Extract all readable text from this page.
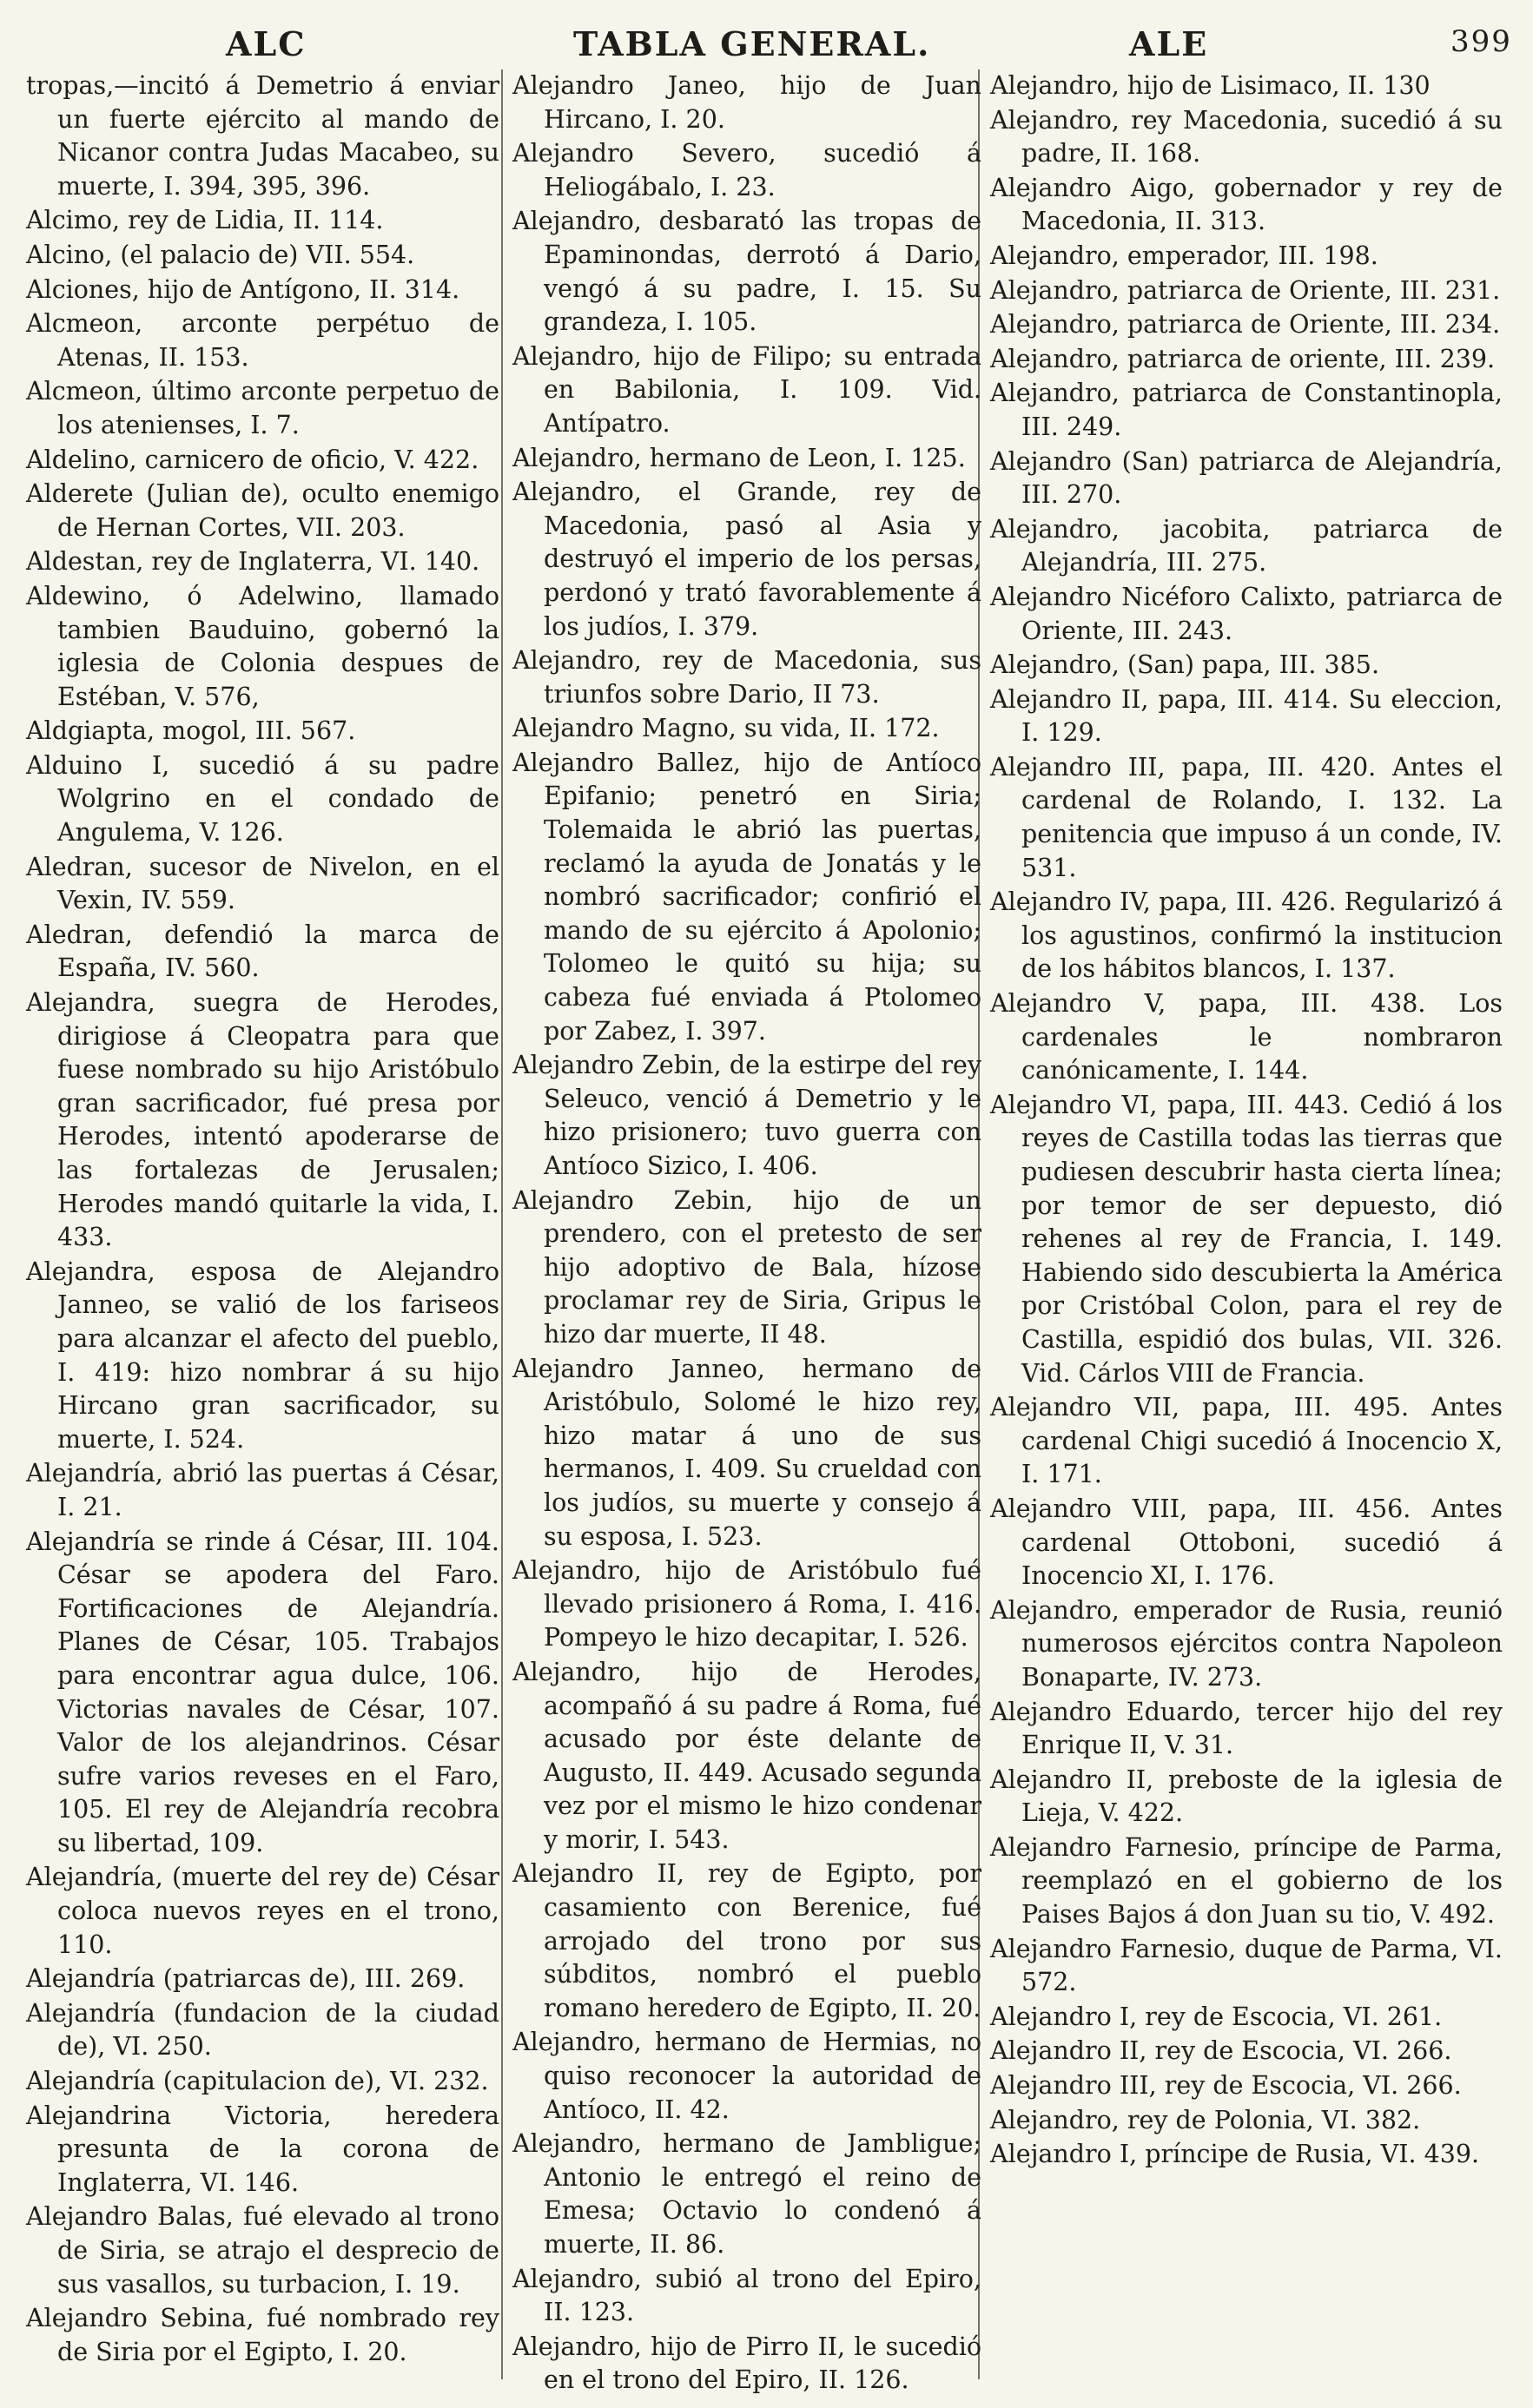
ALC	TABLA GENERAL.	ALE	399
tropas,—incitó á Demetrio á enviar un fuerte ejército al mando de Nicanor contra Judas Macabeo, su muerte, I. 394, 395, 396.
Alcimo, rey de Lidia, II. 114.
Alcino, (el palacio de) VII. 554.
Alciones, hijo de Antígono, II. 314.
Alcmeon, arconte perpétuo de Atenas, II. 153.
Alcmeon, último arconte perpetuo de los atenienses, I. 7.
Aldelino, carnicero de oficio, V. 422.
Alderete (Julian de), oculto enemigo de Hernan Cortes, VII. 203.
Aldestan, rey de Inglaterra, VI. 140.
Aldewino, ó Adelwino, llamado tambien Bauduino, gobernó la iglesia de Colonia despues de Estéban, V. 576,
Aldgiapta, mogol, III. 567.
Alduino I, sucedió á su padre Wolgrino en el condado de Angulema, V. 126.
Aledran, sucesor de Nivelon, en el Vexin, IV. 559.
Aledran, defendió la marca de España, IV. 560.
Alejandra, suegra de Herodes, dirigiose á Cleopatra para que fuese nombrado su hijo Aristóbulo gran sacrificador, fué presa por Herodes, intentó apoderarse de las fortalezas de Jerusalen; Herodes mandó quitarle la vida, I. 433.
Alejandra, esposa de Alejandro Janneo, se valió de los fariseos para alcanzar el afecto del pueblo, I. 419: hizo nombrar á su hijo Hircano gran sacrificador, su muerte, I. 524.
Alejandría, abrió las puertas á César, I. 21.
Alejandría se rinde á César, III. 104. César se apodera del Faro. Fortificaciones de Alejandría. Planes de César, 105. Trabajos para encontrar agua dulce, 106. Victorias navales de César, 107. Valor de los alejandrinos. César sufre varios reveses en el Faro, 105. El rey de Alejandría recobra su libertad, 109.
Alejandría, (muerte del rey de) César coloca nuevos reyes en el trono, 110.
Alejandría (patriarcas de), III. 269.
Alejandría (fundacion de la ciudad de), VI. 250.
Alejandría (capitulacion de), VI. 232.
Alejandrina Victoria, heredera presunta de la corona de Inglaterra, VI. 146.
Alejandro Balas, fué elevado al trono de Siria, se atrajo el desprecio de sus vasallos, su turbacion, I. 19.
Alejandro Sebina, fué nombrado rey de Siria por el Egipto, I. 20.
Alejandro Janeo, hijo de Juan Hircano, I. 20.
Alejandro Severo, sucedió á Heliogábalo, I. 23.
Alejandro, desbarató las tropas de Epaminondas, derrotó á Dario, vengó á su padre, I. 15. Su grandeza, I. 105.
Alejandro, hijo de Filipo; su entrada en Babilonia, I. 109. Vid. Antípatro.
Alejandro, hermano de Leon, I. 125.
Alejandro, el Grande, rey de Macedonia, pasó al Asia y destruyó el imperio de los persas, perdonó y trató favorablemente á los judíos, I. 379.
Alejandro, rey de Macedonia, sus triunfos sobre Dario, II 73.
Alejandro Magno, su vida, II. 172.
Alejandro Ballez, hijo de Antíoco Epifanio; penetró en Siria; Tolemaida le abrió las puertas, reclamó la ayuda de Jonatás y le nombró sacrificador; confirió el mando de su ejército á Apolonio; Tolomeo le quitó su hija; su cabeza fué enviada á Ptolomeo por Zabez, I. 397.
Alejandro Zebin, de la estirpe del rey Seleuco, venció á Demetrio y le hizo prisionero; tuvo guerra con Antíoco Sizico, I. 406.
Alejandro Zebin, hijo de un prendero, con el pretesto de ser hijo adoptivo de Bala, hízose proclamar rey de Siria, Gripus le hizo dar muerte, II 48.
Alejandro Janneo, hermano de Aristóbulo, Solomé le hizo rey, hizo matar á uno de sus hermanos, I. 409. Su crueldad con los judíos, su muerte y consejo á su esposa, I. 523.
Alejandro, hijo de Aristóbulo fué llevado prisionero á Roma, I. 416. Pompeyo le hizo decapitar, I. 526.
Alejandro, hijo de Herodes, acompañó á su padre á Roma, fué acusado por éste delante de Augusto, II. 449. Acusado segunda vez por el mismo le hizo condenar y morir, I. 543.
Alejandro II, rey de Egipto, por casamiento con Berenice, fué arrojado del trono por sus súbditos, nombró el pueblo romano heredero de Egipto, II. 20.
Alejandro, hermano de Hermias, no quiso reconocer la autoridad de Antíoco, II. 42.
Alejandro, hermano de Jambligue; Antonio le entregó el reino de Emesa; Octavio lo condenó á muerte, II. 86.
Alejandro, subió al trono del Epiro, II. 123.
Alejandro, hijo de Pirro II, le sucedió en el trono del Epiro, II. 126.
Alejandro, hijo de Lisimaco, II. 130
Alejandro, rey Macedonia, sucedió á su padre, II. 168.
Alejandro Aigo, gobernador y rey de Macedonia, II. 313.
Alejandro, emperador, III. 198.
Alejandro, patriarca de Oriente, III. 231.
Alejandro, patriarca de Oriente, III. 234.
Alejandro, patriarca de oriente, III. 239.
Alejandro, patriarca de Constantinopla, III. 249.
Alejandro (San) patriarca de Alejandría, III. 270.
Alejandro, jacobita, patriarca de Alejandría, III. 275.
Alejandro Nicéforo Calixto, patriarca de Oriente, III. 243.
Alejandro, (San) papa, III. 385.
Alejandro II, papa, III. 414. Su eleccion, I. 129.
Alejandro III, papa, III. 420. Antes el cardenal de Rolando, I. 132. La penitencia que impuso á un conde, IV. 531.
Alejandro IV, papa, III. 426. Regularizó á los agustinos, confirmó la institucion de los hábitos blancos, I. 137.
Alejandro V, papa, III. 438. Los cardenales le nombraron canónicamente, I. 144.
Alejandro VI, papa, III. 443. Cedió á los reyes de Castilla todas las tierras que pudiesen descubrir hasta cierta línea; por temor de ser depuesto, dió rehenes al rey de Francia, I. 149. Habiendo sido descubierta la América por Cristóbal Colon, para el rey de Castilla, espidió dos bulas, VII. 326. Vid. Cárlos VIII de Francia.
Alejandro VII, papa, III. 495. Antes cardenal Chigi sucedió á Inocencio X, I. 171.
Alejandro VIII, papa, III. 456. Antes cardenal Ottoboni, sucedió á Inocencio XI, I. 176.
Alejandro, emperador de Rusia, reunió numerosos ejércitos contra Napoleon Bonaparte, IV. 273.
Alejandro Eduardo, tercer hijo del rey Enrique II, V. 31.
Alejandro II, preboste de la iglesia de Lieja, V. 422.
Alejandro Farnesio, príncipe de Parma, reemplazó en el gobierno de los Paises Bajos á don Juan su tio, V. 492.
Alejandro Farnesio, duque de Parma, VI. 572.
Alejandro I, rey de Escocia, VI. 261.
Alejandro II, rey de Escocia, VI. 266.
Alejandro III, rey de Escocia, VI. 266.
Alejandro, rey de Polonia, VI. 382.
Alejandro I, príncipe de Rusia, VI. 439.
